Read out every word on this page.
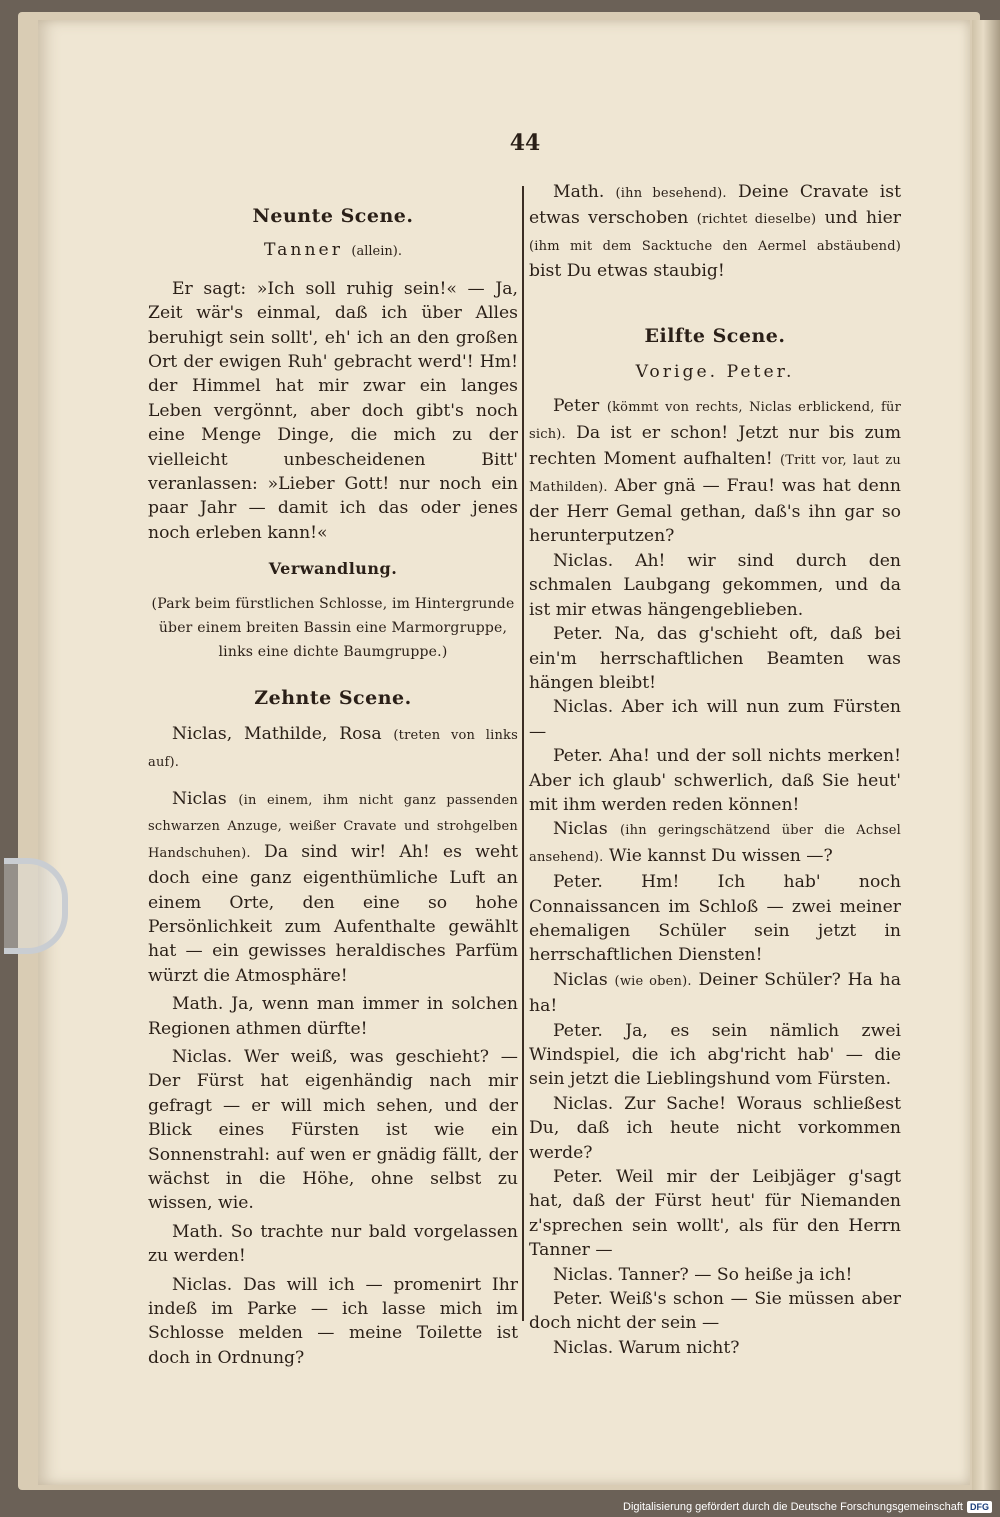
44

Neunte Scene.

Tanner (allein).

Er sagt: »Ich soll ruhig sein!« — Ja, Zeit wär's einmal, daß ich über Alles beruhigt sein sollt', eh' ich an den großen Ort der ewigen Ruh' gebracht werd'! Hm! der Himmel hat mir zwar ein langes Leben vergönnt, aber doch gibt's noch eine Menge Dinge, die mich zu der vielleicht unbescheidenen Bitt' veranlassen: »Lieber Gott! nur noch ein paar Jahr — damit ich das oder jenes noch erleben kann!«

Verwandlung.

(Park beim fürstlichen Schlosse, im Hintergrunde über einem breiten Bassin eine Marmorgruppe, links eine dichte Baumgruppe.)

Zehnte Scene.

Niclas, Mathilde, Rosa (treten von links auf).

Niclas (in einem, ihm nicht ganz passenden schwarzen Anzuge, weißer Cravate und strohgelben Handschuhen). Da sind wir! Ah! es weht doch eine ganz eigenthümliche Luft an einem Orte, den eine so hohe Persönlichkeit zum Aufenthalte gewählt hat — ein gewisses heraldisches Parfüm würzt die Atmosphäre!

Math. Ja, wenn man immer in solchen Regionen athmen dürfte!

Niclas. Wer weiß, was geschieht? — Der Fürst hat eigenhändig nach mir gefragt — er will mich sehen, und der Blick eines Fürsten ist wie ein Sonnenstrahl: auf wen er gnädig fällt, der wächst in die Höhe, ohne selbst zu wissen, wie.

Math. So trachte nur bald vorgelassen zu werden!

Niclas. Das will ich — promenirt Ihr indeß im Parke — ich lasse mich im Schlosse melden — meine Toilette ist doch in Ordnung?

Math. (ihn besehend). Deine Cravate ist etwas verschoben (richtet dieselbe) und hier (ihm mit dem Sacktuche den Aermel abstäubend) bist Du etwas staubig!

Eilfte Scene.

Vorige. Peter.

Peter (kömmt von rechts, Niclas erblickend, für sich). Da ist er schon! Jetzt nur bis zum rechten Moment aufhalten! (Tritt vor, laut zu Mathilden). Aber gnä — Frau! was hat denn der Herr Gemal gethan, daß's ihn gar so herunterputzen?

Niclas. Ah! wir sind durch den schmalen Laubgang gekommen, und da ist mir etwas hängengeblieben.

Peter. Na, das g'schieht oft, daß bei ein'm herrschaftlichen Beamten was hängen bleibt!

Niclas. Aber ich will nun zum Fürsten —

Peter. Aha! und der soll nichts merken! Aber ich glaub' schwerlich, daß Sie heut' mit ihm werden reden können!

Niclas (ihn geringschätzend über die Achsel ansehend). Wie kannst Du wissen —?

Peter. Hm! Ich hab' noch Connaissancen im Schloß — zwei meiner ehemaligen Schüler sein jetzt in herrschaftlichen Diensten!

Niclas (wie oben). Deiner Schüler? Ha ha ha!

Peter. Ja, es sein nämlich zwei Windspiel, die ich abg'richt hab' — die sein jetzt die Lieblingshund vom Fürsten.

Niclas. Zur Sache! Woraus schließest Du, daß ich heute nicht vorkommen werde?

Peter. Weil mir der Leibjäger g'sagt hat, daß der Fürst heut' für Niemanden z'sprechen sein wollt', als für den Herrn Tanner —

Niclas. Tanner? — So heiße ja ich!

Peter. Weiß's schon — Sie müssen aber doch nicht der sein —

Niclas. Warum nicht?

Digitalisierung gefördert durch die Deutsche Forschungsgemeinschaft DFG
